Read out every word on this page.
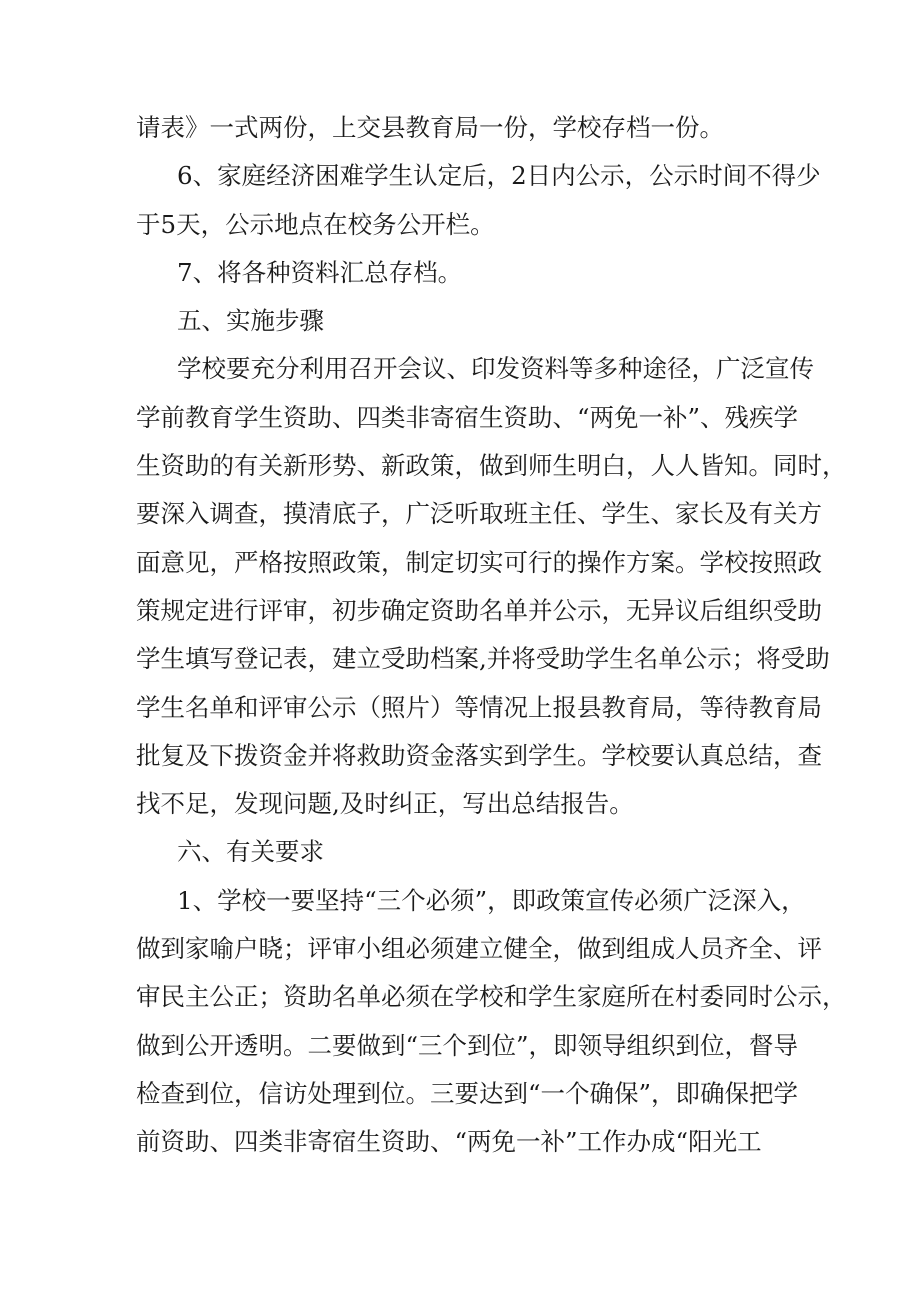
请表》一式两份，上交县教育局一份，学校存档一份。
6、家庭经济困难学生认定后，2日内公示，公示时间不得少
于5天，公示地点在校务公开栏。
7、将各种资料汇总存档。
五、实施步骤
学校要充分利用召开会议、印发资料等多种途径，广泛宣传
学前教育学生资助、四类非寄宿生资助、“两免一补”、残疾学
生资助的有关新形势、新政策，做到师生明白，人人皆知。同时，
要深入调查，摸清底子，广泛听取班主任、学生、家长及有关方
面意见，严格按照政策，制定切实可行的操作方案。学校按照政
策规定进行评审，初步确定资助名单并公示，无异议后组织受助
学生填写登记表，建立受助档案,并将受助学生名单公示；将受助
学生名单和评审公示（照片）等情况上报县教育局，等待教育局
批复及下拨资金并将救助资金落实到学生。学校要认真总结，查
找不足，发现问题,及时纠正，写出总结报告。
六、有关要求
1、学校一要坚持“三个必须”，即政策宣传必须广泛深入，
做到家喻户晓；评审小组必须建立健全，做到组成人员齐全、评
审民主公正；资助名单必须在学校和学生家庭所在村委同时公示，
做到公开透明。二要做到“三个到位”，即领导组织到位，督导
检查到位，信访处理到位。三要达到“一个确保”，即确保把学
前资助、四类非寄宿生资助、“两免一补”工作办成“阳光工
